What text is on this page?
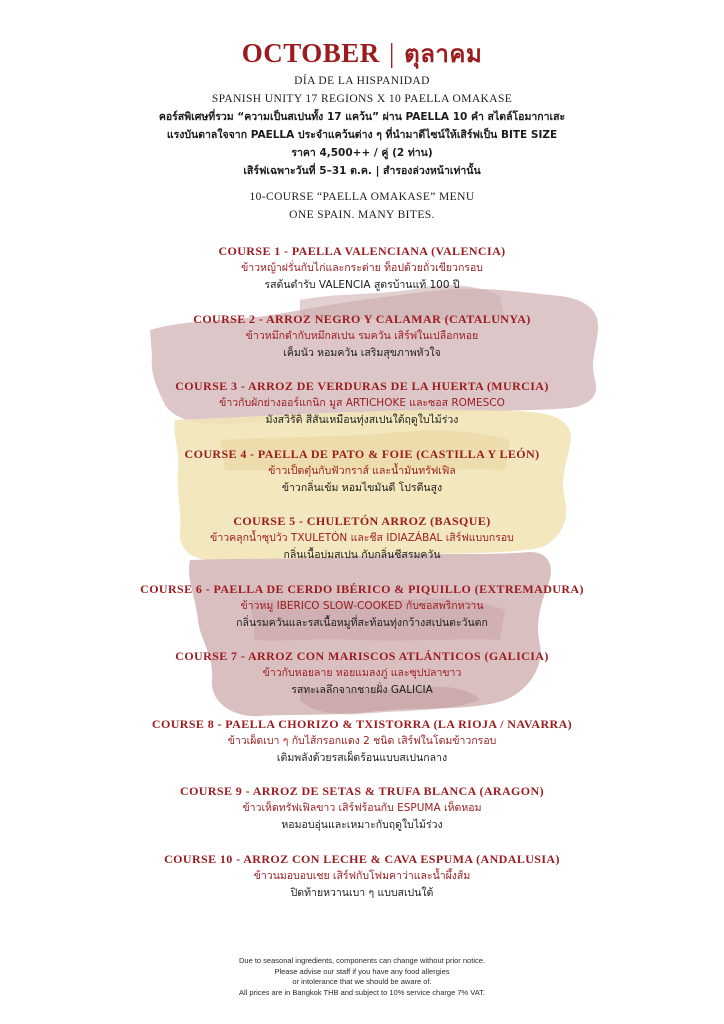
OCTOBER | ตุลาคม
DÍA DE LA HISPANIDAD
SPANISH UNITY 17 REGIONS X 10 PAELLA OMAKASE
คอร์สพิเศษที่รวม “ความเป็นสเปนทั้ง 17 แคว้น” ผ่าน PAELLA 10 คำ สไตล์โอมากาเสะ
แรงบันดาลใจจาก PAELLA ประจำแคว้นต่าง ๆ ที่นำมาดีไซน์ให้เสิร์ฟเป็น BITE SIZE
ราคา 4,500++ / คู่ (2 ท่าน)
เสิร์ฟเฉพาะวันที่ 5–31 ต.ค. | สำรองล่วงหน้าเท่านั้น
10-COURSE “PAELLA OMAKASE” MENU
ONE SPAIN. MANY BITES.
COURSE 1 - PAELLA VALENCIANA (VALENCIA)
ข้าวหญ้าฝรั่นกับไก่และกระต่าย ท็อปด้วยถั่วเขียวกรอบ
รสต้นตำรับ VALENCIA สูตรบ้านแท้ 100 ปี
COURSE 2 - ARROZ NEGRO Y CALAMAR (CATALUNYA)
ข้าวหมึกดำกับหมึกสเปน รมควัน เสิร์ฟในเปลือกหอย
เค็มนัว หอมควัน เสริมสุขภาพหัวใจ
COURSE 3 - ARROZ DE VERDURAS DE LA HUERTA (MURCIA)
ข้าวกับผักย่างออร์แกนิก มูส ARTICHOKE และซอส ROMESCO
มังสวิรัติ สีสันเหมือนทุ่งสเปนใต้ฤดูใบไม้ร่วง
COURSE 4 - PAELLA DE PATO & FOIE (CASTILLA Y LEÓN)
ข้าวเป็ดตุ๋นกับฟัวกราส์ และน้ำมันทรัฟเฟิล
ข้าวกลิ่นเข้ม หอมไขมันดี โปรตีนสูง
COURSE 5 - CHULETÓN ARROZ (BASQUE)
ข้าวคลุกน้ำซุปวัว TXULETÓN และชีส IDIAZÁBAL เสิร์ฟแบบกรอบ
กลิ่นเนื้อบ่มสเปน กับกลิ่นชีสรมควัน
COURSE 6 - PAELLA DE CERDO IBÉRICO & PIQUILLO (EXTREMADURA)
ข้าวหมู IBERICO SLOW-COOKED กับซอสพริกหวาน
กลิ่นรมควันและรสเนื้อหมูที่สะท้อนทุ่งกว้างสเปนตะวันตก
COURSE 7 - ARROZ CON MARISCOS ATLÁNTICOS (GALICIA)
ข้าวกับหอยลาย หอยแมลงภู่ และซุปปลาขาว
รสทะเลลึกจากชายฝั่ง GALICIA
COURSE 8 - PAELLA CHORIZO & TXISTORRA (LA RIOJA / NAVARRA)
ข้าวเผ็ดเบา ๆ กับไส้กรอกแดง 2 ชนิด เสิร์ฟในโดมข้าวกรอบ
เติมพลังด้วยรสเผ็ดร้อนแบบสเปนกลาง
COURSE 9 - ARROZ DE SETAS & TRUFA BLANCA (ARAGON)
ข้าวเห็ดทรัฟเฟิลขาว เสิร์ฟร้อนกับ ESPUMA เห็ดหอม
หอมอบอุ่นและเหมาะกับฤดูใบไม้ร่วง
COURSE 10 - ARROZ CON LECHE & CAVA ESPUMA (ANDALUSIA)
ข้าวนมอบอบเชย เสิร์ฟกับโฟมคาว่าและน้ำผึ้งส้ม
ปิดท้ายหวานเบา ๆ แบบสเปนใต้
Due to seasonal ingredients, components can change without prior notice.
Please advise our staff if you have any food allergies
or intolerance that we should be aware of.
All prices are in Bangkok THB and subject to 10% service charge 7% VAT.
